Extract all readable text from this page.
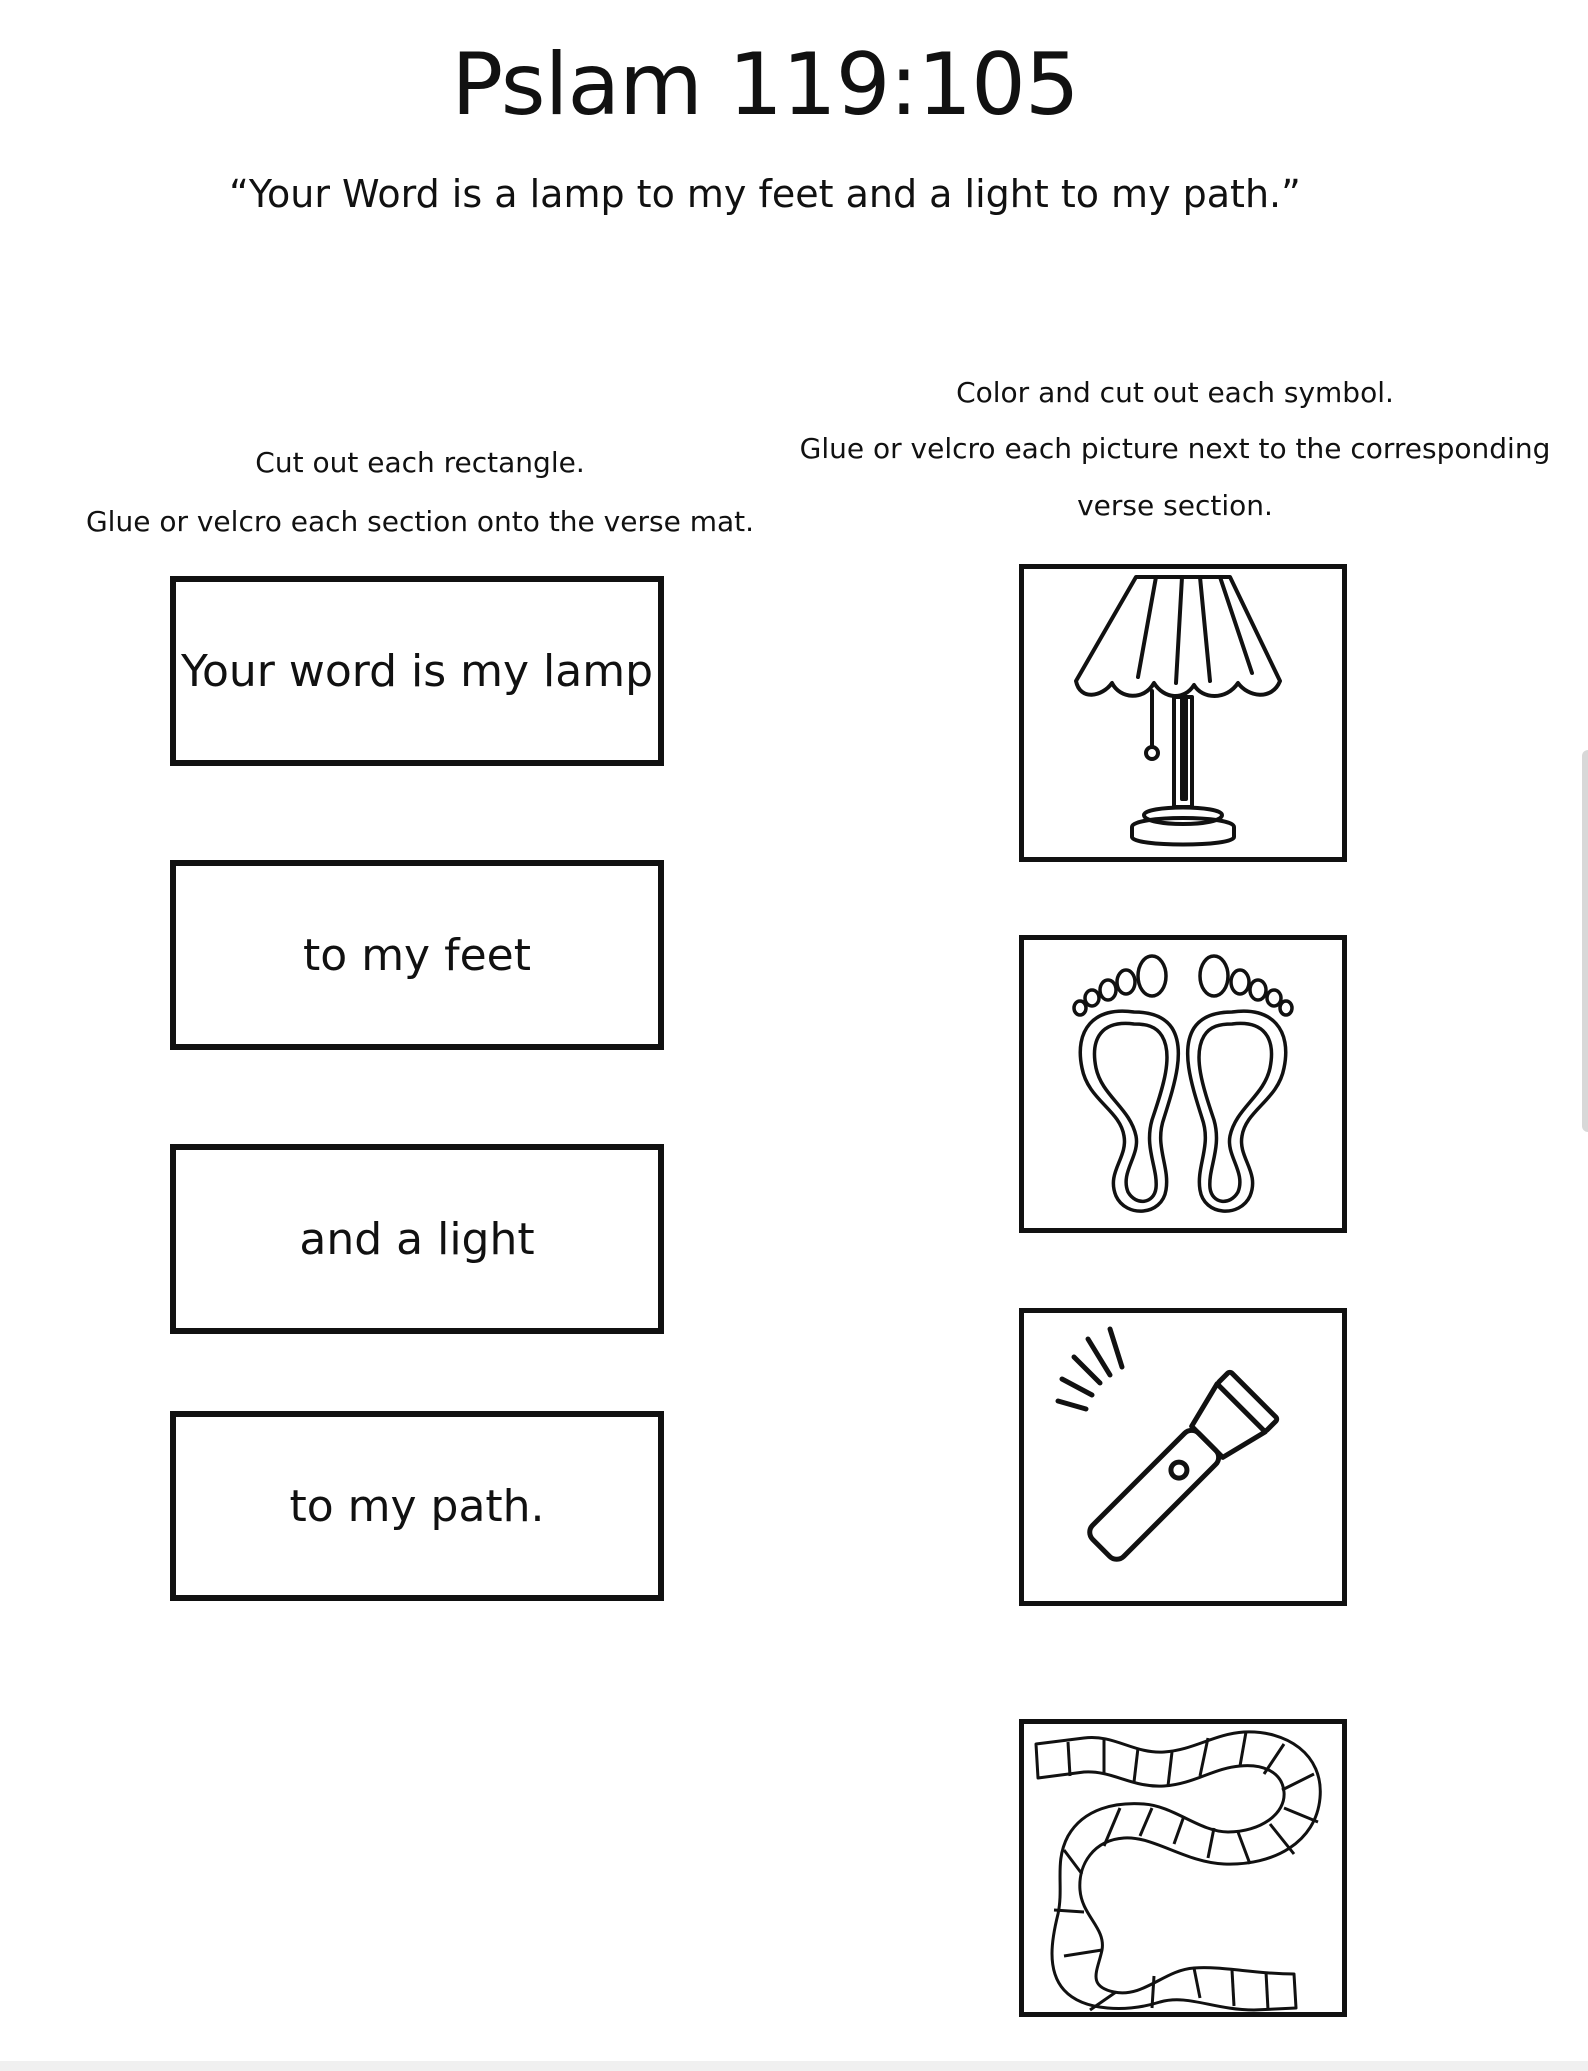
Pslam 119:105
“Your Word is a lamp to my feet and a light to my path.”
Cut out each rectangle.
Glue or velcro each section onto the verse mat.
Color and cut out each symbol.
Glue or velcro each picture next to the corresponding
verse section.
Your word is my lamp
to my feet
and a light
to my path.
